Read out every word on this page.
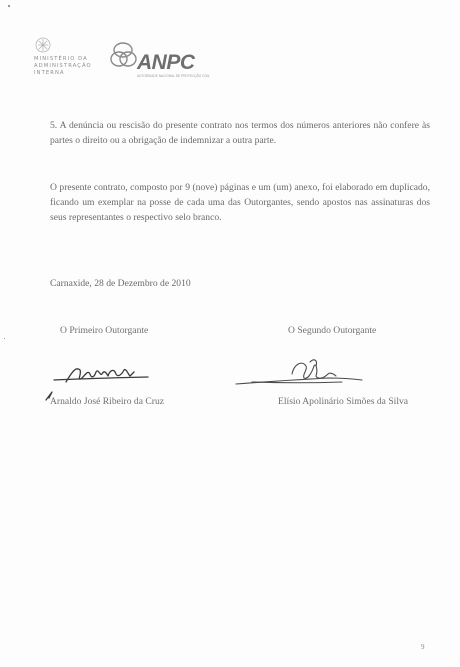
MINISTÉRIO DA
ADMINISTRAÇÃO
INTERNA	ANPC
AUTORIDADE NACIONAL DE PROTECÇÃO CIVIL
5. A denúncia ou rescisão do presente contrato nos termos dos números anteriores não confere às partes o direito ou a obrigação de indemnizar a outra parte.
O presente contrato, composto por 9 (nove) páginas e um (um) anexo, foi elaborado em duplicado, ficando um exemplar na posse de cada uma das Outorgantes, sendo apostos nas assinaturas dos seus representantes o respectivo selo branco.
Carnaxide, 28 de Dezembro de 2010
O Primeiro Outorgante	O Segundo Outorgante
Arnaldo José Ribeiro da Cruz	Elísio Apolinário Simões da Silva
9
